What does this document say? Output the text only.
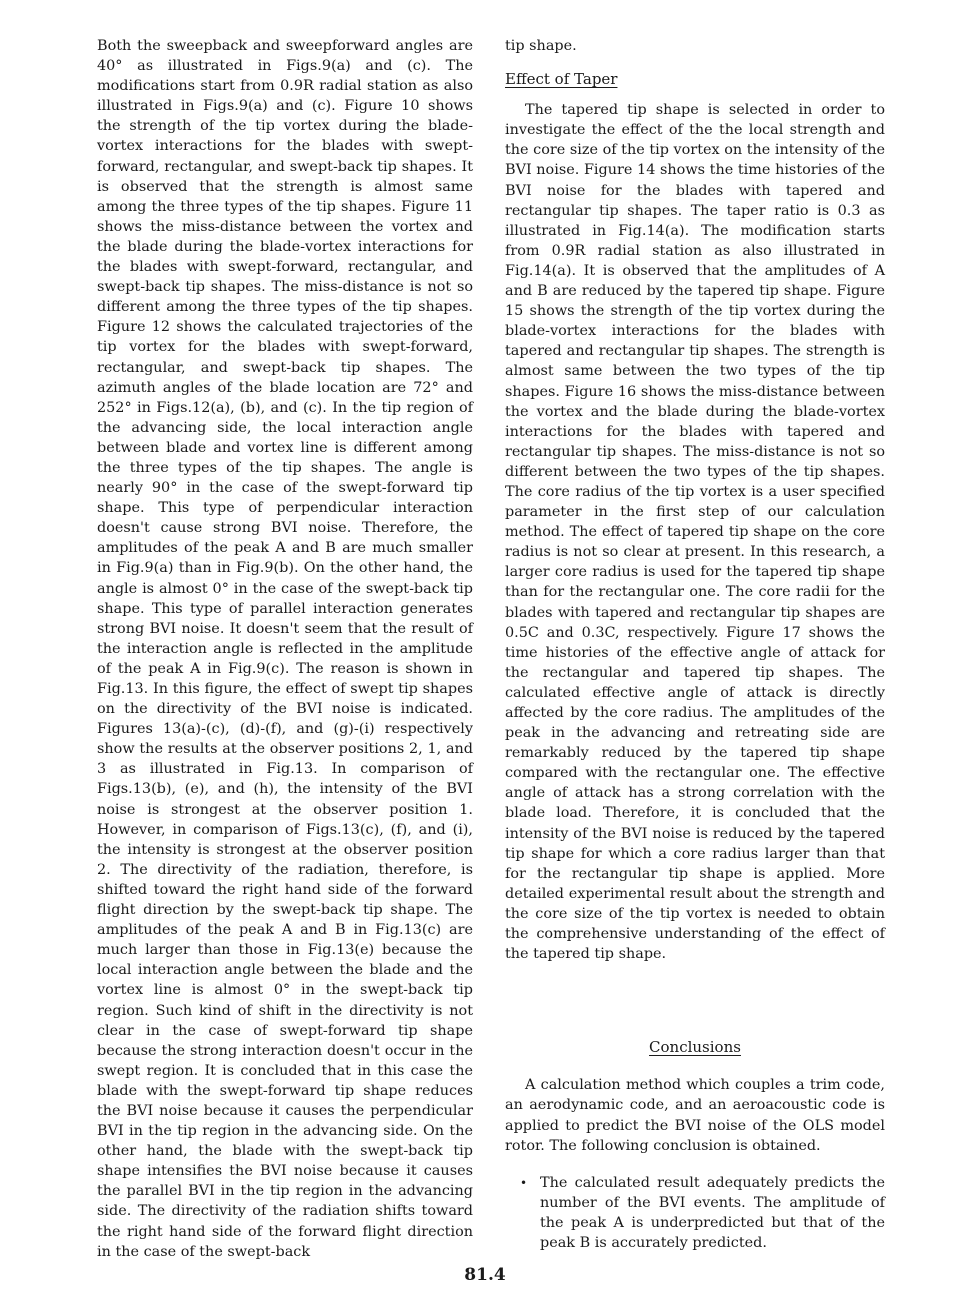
Both the sweepback and sweepforward angles are 40° as illustrated in Figs.9(a) and (c). The modifications start from 0.9R radial station as also illustrated in Figs.9(a) and (c). Figure 10 shows the strength of the tip vortex during the blade-vortex interactions for the blades with swept-forward, rectangular, and swept-back tip shapes. It is observed that the strength is almost same among the three types of the tip shapes. Figure 11 shows the miss-distance between the vortex and the blade during the blade-vortex interactions for the blades with swept-forward, rectangular, and swept-back tip shapes. The miss-distance is not so different among the three types of the tip shapes. Figure 12 shows the calculated trajectories of the tip vortex for the blades with swept-forward, rectangular, and swept-back tip shapes. The azimuth angles of the blade location are 72° and 252° in Figs.12(a), (b), and (c). In the tip region of the advancing side, the local interaction angle between blade and vortex line is different among the three types of the tip shapes. The angle is nearly 90° in the case of the swept-forward tip shape. This type of perpendicular interaction doesn't cause strong BVI noise. Therefore, the amplitudes of the peak A and B are much smaller in Fig.9(a) than in Fig.9(b). On the other hand, the angle is almost 0° in the case of the swept-back tip shape. This type of parallel interaction generates strong BVI noise. It doesn't seem that the result of the interaction angle is reflected in the amplitude of the peak A in Fig.9(c). The reason is shown in Fig.13. In this figure, the effect of swept tip shapes on the directivity of the BVI noise is indicated. Figures 13(a)-(c), (d)-(f), and (g)-(i) respectively show the results at the observer positions 2, 1, and 3 as illustrated in Fig.13. In comparison of Figs.13(b), (e), and (h), the intensity of the BVI noise is strongest at the observer position 1. However, in comparison of Figs.13(c), (f), and (i), the intensity is strongest at the observer position 2. The directivity of the radiation, therefore, is shifted toward the right hand side of the forward flight direction by the swept-back tip shape. The amplitudes of the peak A and B in Fig.13(c) are much larger than those in Fig.13(e) because the local interaction angle between the blade and the vortex line is almost 0° in the swept-back tip region. Such kind of shift in the directivity is not clear in the case of swept-forward tip shape because the strong interaction doesn't occur in the swept region. It is concluded that in this case the blade with the swept-forward tip shape reduces the BVI noise because it causes the perpendicular BVI in the tip region in the advancing side. On the other hand, the blade with the swept-back tip shape intensifies the BVI noise because it causes the parallel BVI in the tip region in the advancing side. The directivity of the radiation shifts toward the right hand side of the forward flight direction in the case of the swept-back

tip shape.

Effect of Taper

The tapered tip shape is selected in order to investigate the effect of the the local strength and the core size of the tip vortex on the intensity of the BVI noise. Figure 14 shows the time histories of the BVI noise for the blades with tapered and rectangular tip shapes. The taper ratio is 0.3 as illustrated in Fig.14(a). The modification starts from 0.9R radial station as also illustrated in Fig.14(a). It is observed that the amplitudes of A and B are reduced by the tapered tip shape. Figure 15 shows the strength of the tip vortex during the blade-vortex interactions for the blades with tapered and rectangular tip shapes. The strength is almost same between the two types of the tip shapes. Figure 16 shows the miss-distance between the vortex and the blade during the blade-vortex interactions for the blades with tapered and rectangular tip shapes. The miss-distance is not so different between the two types of the tip shapes. The core radius of the tip vortex is a user specified parameter in the first step of our calculation method. The effect of tapered tip shape on the core radius is not so clear at present. In this research, a larger core radius is used for the tapered tip shape than for the rectangular one. The core radii for the blades with tapered and rectangular tip shapes are 0.5C and 0.3C, respectively. Figure 17 shows the time histories of the effective angle of attack for the rectangular and tapered tip shapes. The calculated effective angle of attack is directly affected by the core radius. The amplitudes of the peak in the advancing and retreating side are remarkably reduced by the tapered tip shape compared with the rectangular one. The effective angle of attack has a strong correlation with the blade load. Therefore, it is concluded that the intensity of the BVI noise is reduced by the tapered tip shape for which a core radius larger than that for the rectangular tip shape is applied. More detailed experimental result about the strength and the core size of the tip vortex is needed to obtain the comprehensive understanding of the effect of the tapered tip shape.

Conclusions

A calculation method which couples a trim code, an aerodynamic code, and an aeroacoustic code is applied to predict the BVI noise of the OLS model rotor. The following conclusion is obtained.

• The calculated result adequately predicts the number of the BVI events. The amplitude of the peak A is underpredicted but that of the peak B is accurately predicted.
81.4
